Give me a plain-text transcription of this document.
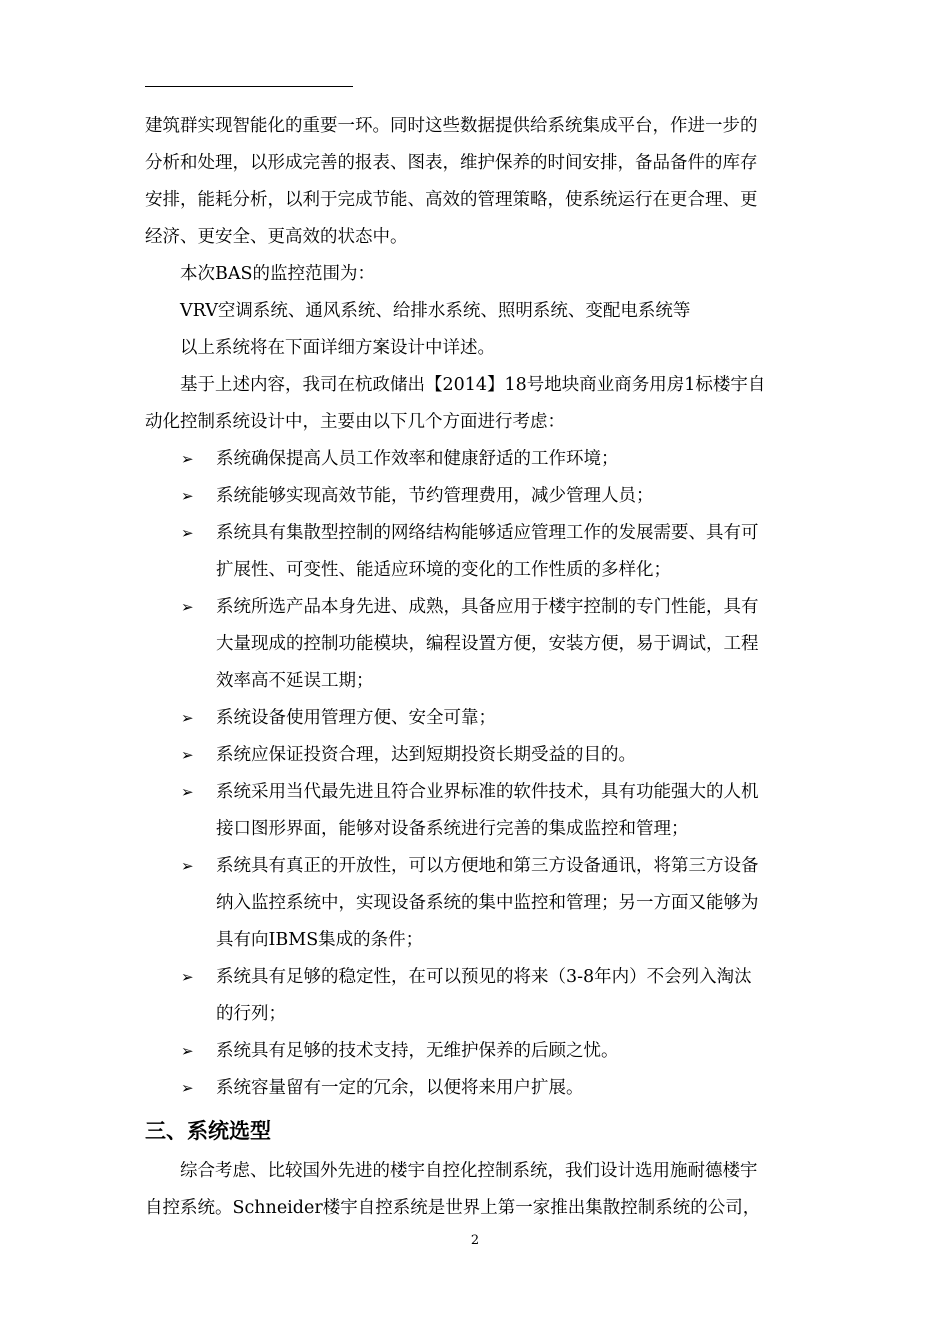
建筑群实现智能化的重要一环。同时这些数据提供给系统集成平台，作进一步的
分析和处理，以形成完善的报表、图表，维护保养的时间安排，备品备件的库存
安排，能耗分析，以利于完成节能、高效的管理策略，使系统运行在更合理、更
经济、更安全、更高效的状态中。
本次BAS的监控范围为：
VRV空调系统、通风系统、给排水系统、照明系统、变配电系统等
以上系统将在下面详细方案设计中详述。
基于上述内容，我司在杭政储出【2014】18号地块商业商务用房1标楼宇自
动化控制系统设计中，主要由以下几个方面进行考虑：
➢ 系统确保提高人员工作效率和健康舒适的工作环境；
➢ 系统能够实现高效节能，节约管理费用，减少管理人员；
➢ 系统具有集散型控制的网络结构能够适应管理工作的发展需要、具有可
扩展性、可变性、能适应环境的变化的工作性质的多样化；
➢ 系统所选产品本身先进、成熟，具备应用于楼宇控制的专门性能，具有
大量现成的控制功能模块，编程设置方便，安装方便，易于调试，工程
效率高不延误工期；
➢ 系统设备使用管理方便、安全可靠；
➢ 系统应保证投资合理，达到短期投资长期受益的目的。
➢ 系统采用当代最先进且符合业界标准的软件技术，具有功能强大的人机
接口图形界面，能够对设备系统进行完善的集成监控和管理；
➢ 系统具有真正的开放性，可以方便地和第三方设备通讯，将第三方设备
纳入监控系统中，实现设备系统的集中监控和管理；另一方面又能够为
具有向IBMS集成的条件；
➢ 系统具有足够的稳定性，在可以预见的将来（3-8年内）不会列入淘汰
的行列；
➢ 系统具有足够的技术支持，无维护保养的后顾之忧。
➢ 系统容量留有一定的冗余，以便将来用户扩展。
三、系统选型
综合考虑、比较国外先进的楼宇自控化控制系统，我们设计选用施耐德楼宇
自控系统。Schneider楼宇自控系统是世界上第一家推出集散控制系统的公司，
2
